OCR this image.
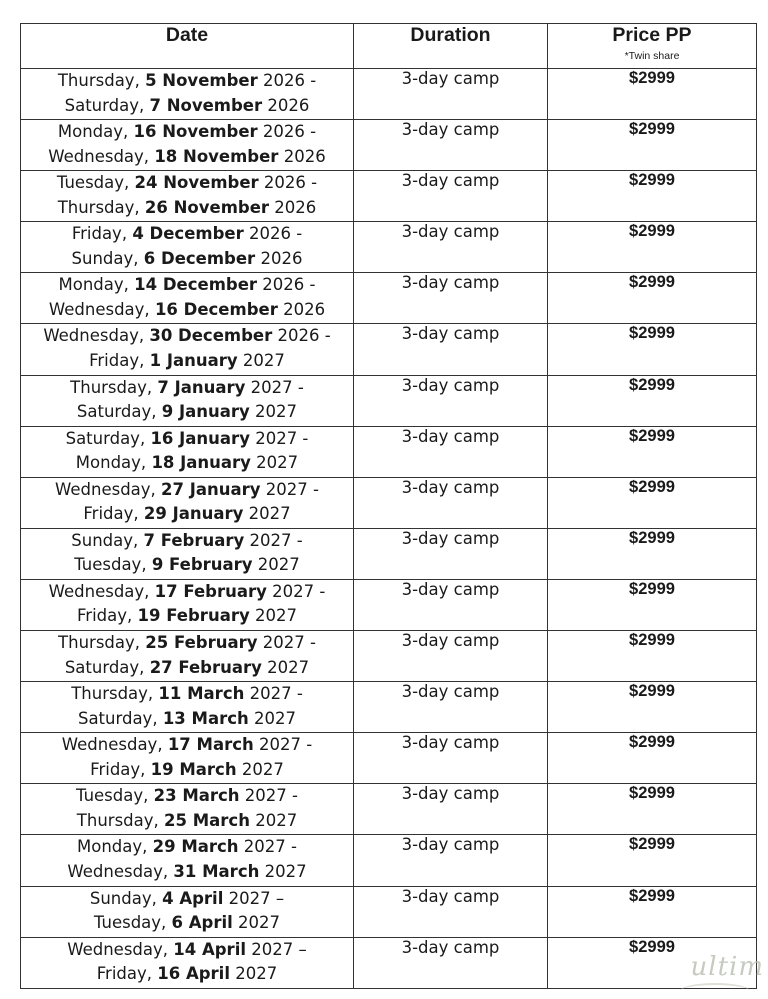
Date	Duration	Price PP
*Twin share

Thursday, 5 November 2026 -
Saturday, 7 November 2026	3-day camp	$2999
Monday, 16 November 2026 -
Wednesday, 18 November 2026	3-day camp	$2999
Tuesday, 24 November 2026 -
Thursday, 26 November 2026	3-day camp	$2999
Friday, 4 December 2026 -
Sunday, 6 December 2026	3-day camp	$2999
Monday, 14 December 2026 -
Wednesday, 16 December 2026	3-day camp	$2999
Wednesday, 30 December 2026 -
Friday, 1 January 2027	3-day camp	$2999
Thursday, 7 January 2027 -
Saturday, 9 January 2027	3-day camp	$2999
Saturday, 16 January 2027 -
Monday, 18 January 2027	3-day camp	$2999
Wednesday, 27 January 2027 -
Friday, 29 January 2027	3-day camp	$2999
Sunday, 7 February 2027 -
Tuesday, 9 February 2027	3-day camp	$2999
Wednesday, 17 February 2027 -
Friday, 19 February 2027	3-day camp	$2999
Thursday, 25 February 2027 -
Saturday, 27 February 2027	3-day camp	$2999
Thursday, 11 March 2027 -
Saturday, 13 March 2027	3-day camp	$2999
Wednesday, 17 March 2027 -
Friday, 19 March 2027	3-day camp	$2999
Tuesday, 23 March 2027 -
Thursday, 25 March 2027	3-day camp	$2999
Monday, 29 March 2027 -
Wednesday, 31 March 2027	3-day camp	$2999
Sunday, 4 April 2027 –
Tuesday, 6 April 2027	3-day camp	$2999
Wednesday, 14 April 2027 –
Friday, 16 April 2027	3-day camp	$2999
ultim
